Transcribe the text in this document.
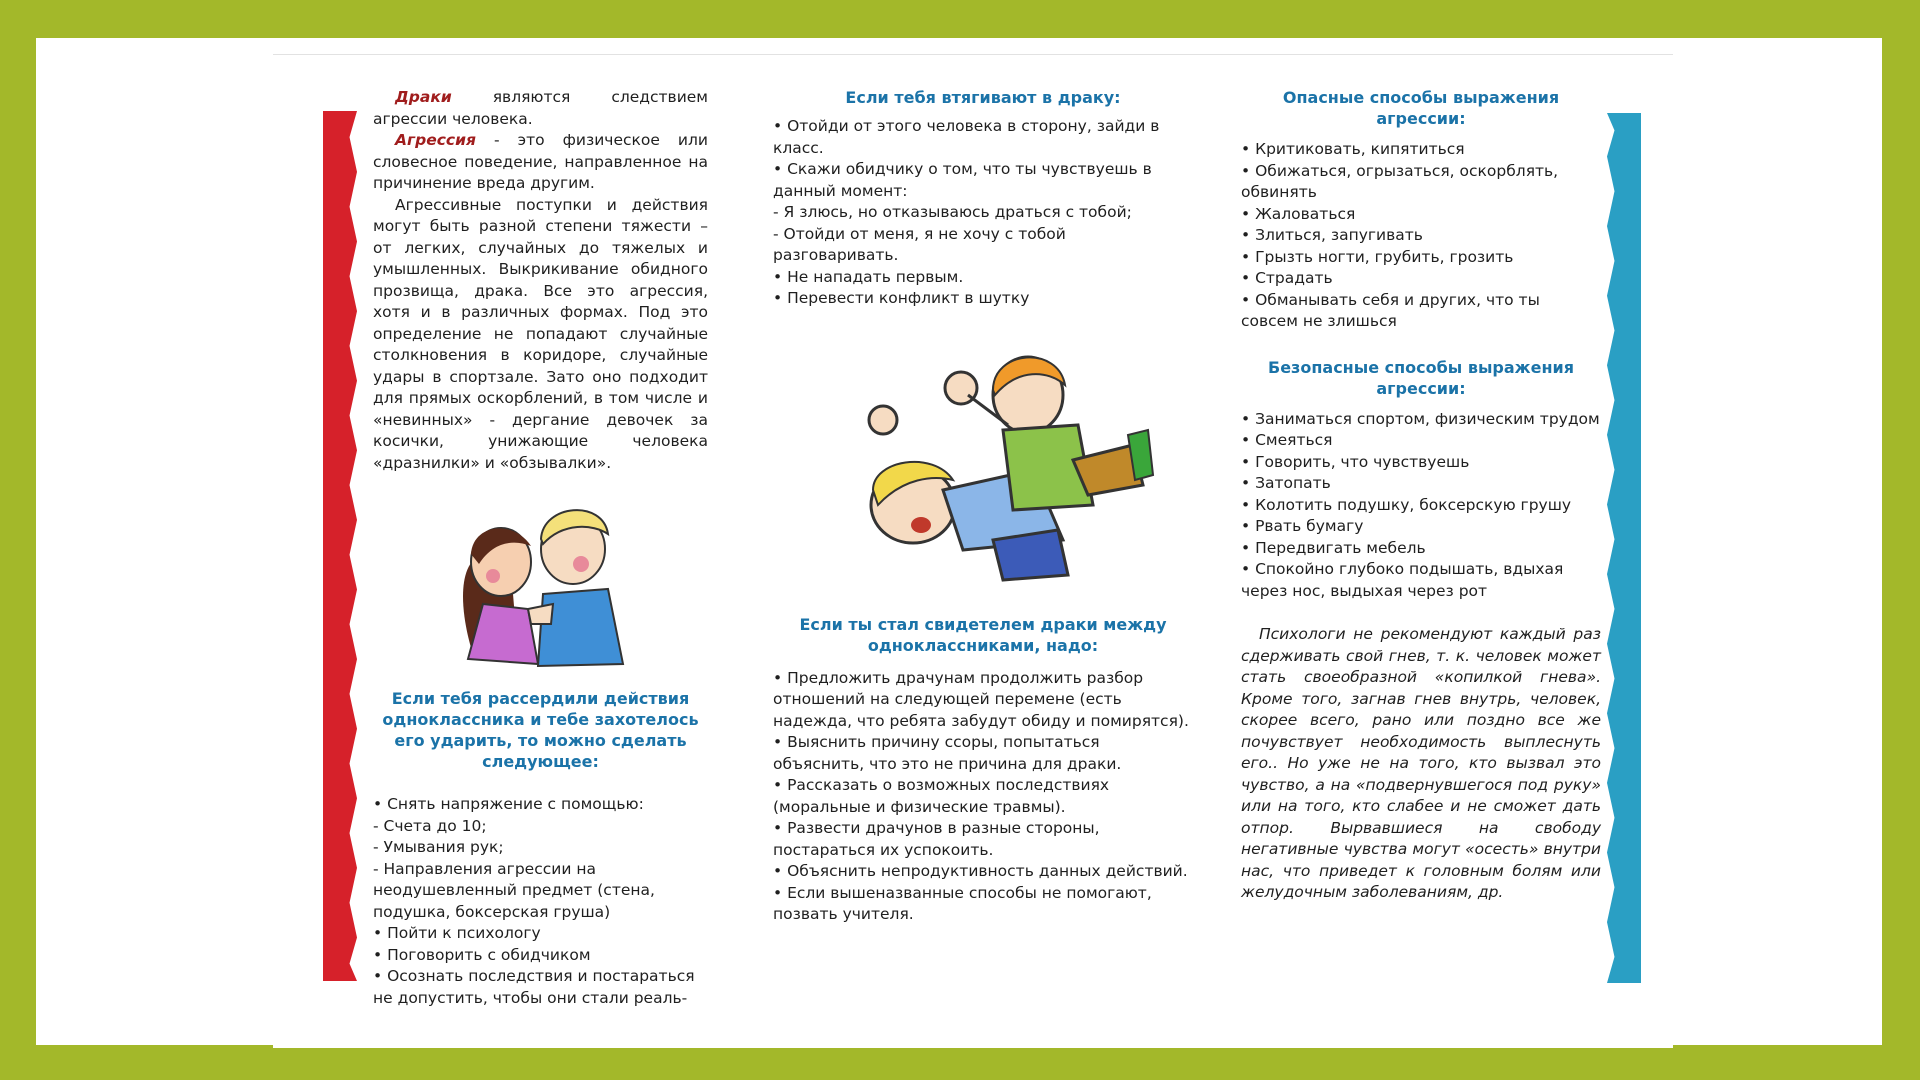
Драки являются следствием агрессии человека.

Агрессия - это физическое или словесное поведение, направленное на причинение вреда другим.

Агрессивные поступки и действия могут быть разной степени тяжести – от легких, случайных до тяжелых и умышленных. Выкрикивание обидного прозвища, драка. Все это агрессия, хотя и в различных формах. Под это определение не попадают случайные столкновения в коридоре, случайные удары в спортзале. Зато оно подходит для прямых оскорблений, в том числе и «невинных» - дергание девочек за косички, унижающие человека «дразнилки» и «обзывалки».

Если тебя рассердили действия одноклассника и тебе захотелось его ударить, то можно сделать следующее:

• Снять напряжение с помощью:
- Счета до 10;
- Умывания рук;
- Направления агрессии на неодушевленный предмет (стена, подушка, боксерская груша)
• Пойти к психологу
• Поговорить с обидчиком
• Осознать последствия и постараться не допустить, чтобы они стали реаль-

Если тебя втягивают в драку:

• Отойди от этого человека в сторону, зайди в класс.
• Скажи обидчику о том, что ты чувствуешь в данный момент:
- Я злюсь, но отказываюсь драться с тобой;
- Отойди от меня, я не хочу с тобой разговаривать.
• Не нападать первым.
• Перевести конфликт в шутку

Если ты стал свидетелем драки между одноклассниками, надо:

• Предложить драчунам продолжить разбор отношений на следующей перемене (есть надежда, что ребята забудут обиду и помирятся).
• Выяснить причину ссоры, попытаться объяснить, что это не причина для драки.
• Рассказать о возможных последствиях (моральные и физические травмы).
• Развести драчунов в разные стороны, постараться их успокоить.
• Объяснить непродуктивность данных действий.
• Если вышеназванные способы не помогают, позвать учителя.

Опасные способы выражения агрессии:

• Критиковать, кипятиться
• Обижаться, огрызаться, оскорблять, обвинять
• Жаловаться
• Злиться, запугивать
• Грызть ногти, грубить, грозить
• Страдать
• Обманывать себя и других, что ты совсем не злишься

Безопасные способы выражения агрессии:

• Заниматься спортом, физическим трудом
• Смеяться
• Говорить, что чувствуешь
• Затопать
• Колотить подушку, боксерскую грушу
• Рвать бумагу
• Передвигать мебель
• Спокойно глубоко подышать, вдыхая через нос, выдыхая через рот

Психологи не рекомендуют каждый раз сдерживать свой гнев, т. к. человек может стать своеобразной «копилкой гнева». Кроме того, загнав гнев внутрь, человек, скорее всего, рано или поздно все же почувствует необходимость выплеснуть его.. Но уже не на того, кто вызвал это чувство, а на «подвернувшегося под руку» или на того, кто слабее и не сможет дать отпор. Вырвавшиеся на свободу негативные чувства могут «осесть» внутри нас, что приведет к головным болям или желудочным заболеваниям, др.
